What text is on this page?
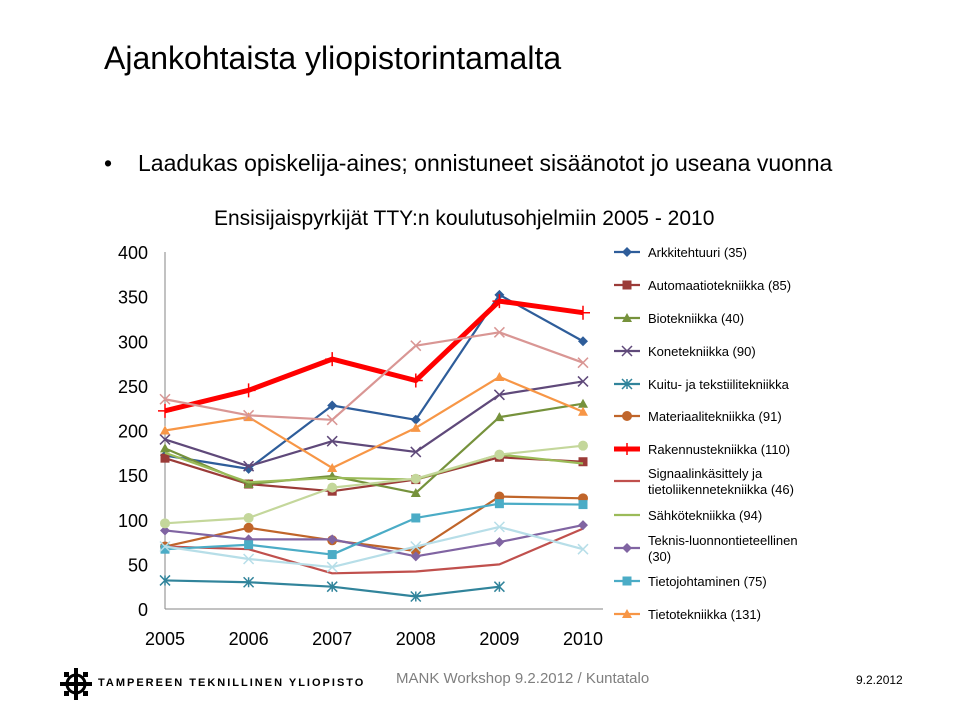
Ajankohtaista yliopistorintamalta
• Laadukas opiskelija-aines; onnistuneet sisäänotot jo useana vuonna
Ensisijaispyrkijät TTY:n koulutusohjelmiin 2005 - 2010
0
50
100
150
200
250
300
350
400
2005 2006 2007 2008 2009 2010
Arkkitehtuuri (35)
Automaatiotekniikka (85)
Biotekniikka (40)
Konetekniikka (90)
Kuitu- ja tekstiilitekniikka
Materiaalitekniikka (91)
Rakennustekniikka (110)
Signaalinkäsittely ja tietoliikennetekniikka (46)
Sähkötekniikka (94)
Teknis-luonnontieteellinen (30)
Tietojohtaminen (75)
Tietotekniikka (131)
TAMPEREEN TEKNILLINEN YLIOPISTO MANK Workshop 9.2.2012 / Kuntatalo	9.2.2012
